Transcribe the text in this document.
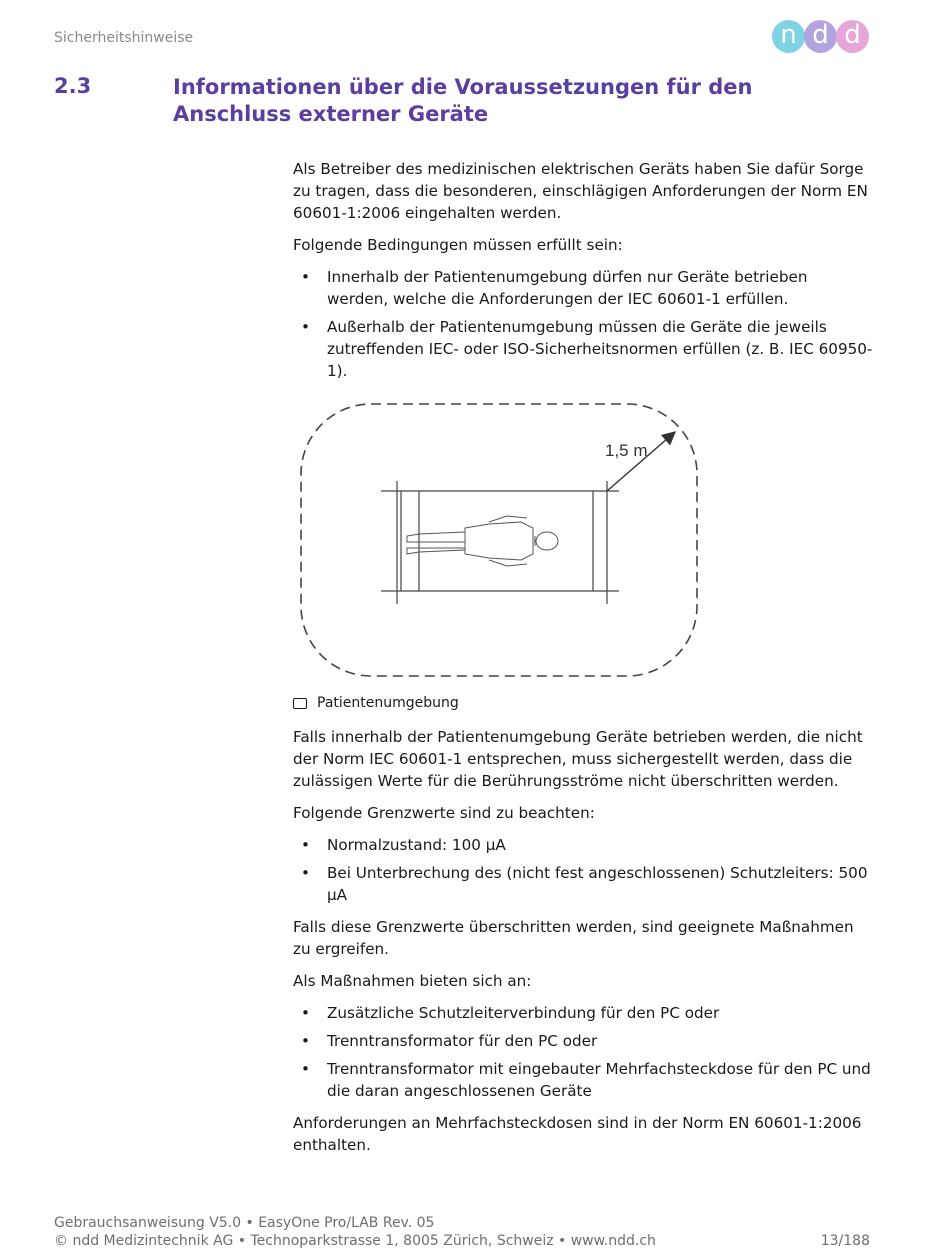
Sicherheitshinweise	n d d
2.3	Informationen über die Voraussetzungen für den Anschluss externer Geräte

Als Betreiber des medizinischen elektrischen Geräts haben Sie dafür Sorge zu tragen, dass die besonderen, einschlägigen Anforderungen der Norm EN 60601-1:2006 eingehalten werden.

Folgende Bedingungen müssen erfüllt sein:

• Innerhalb der Patientenumgebung dürfen nur Geräte betrieben werden, welche die Anforderungen der IEC 60601-1 erfüllen.
• Außerhalb der Patientenumgebung müssen die Geräte die jeweils zutreffenden IEC- oder ISO-Sicherheitsnormen erfüllen (z. B. IEC 60950-1).
1,5 m
Patientenumgebung

Falls innerhalb der Patientenumgebung Geräte betrieben werden, die nicht der Norm IEC 60601-1 entsprechen, muss sichergestellt werden, dass die zulässigen Werte für die Berührungsströme nicht überschritten werden.

Folgende Grenzwerte sind zu beachten:

• Normalzustand: 100 µA
• Bei Unterbrechung des (nicht fest angeschlossenen) Schutzleiters: 500 µA

Falls diese Grenzwerte überschritten werden, sind geeignete Maßnahmen zu ergreifen.

Als Maßnahmen bieten sich an:

• Zusätzliche Schutzleiterverbindung für den PC oder
• Trenntransformator für den PC oder
• Trenntransformator mit eingebauter Mehrfachsteckdose für den PC und die daran angeschlossenen Geräte

Anforderungen an Mehrfachsteckdosen sind in der Norm EN 60601-1:2006 enthalten.

Gebrauchsanweisung V5.0 • EasyOne Pro/LAB Rev. 05
© ndd Medizintechnik AG • Technoparkstrasse 1, 8005 Zürich, Schweiz • www.ndd.ch	13/188
